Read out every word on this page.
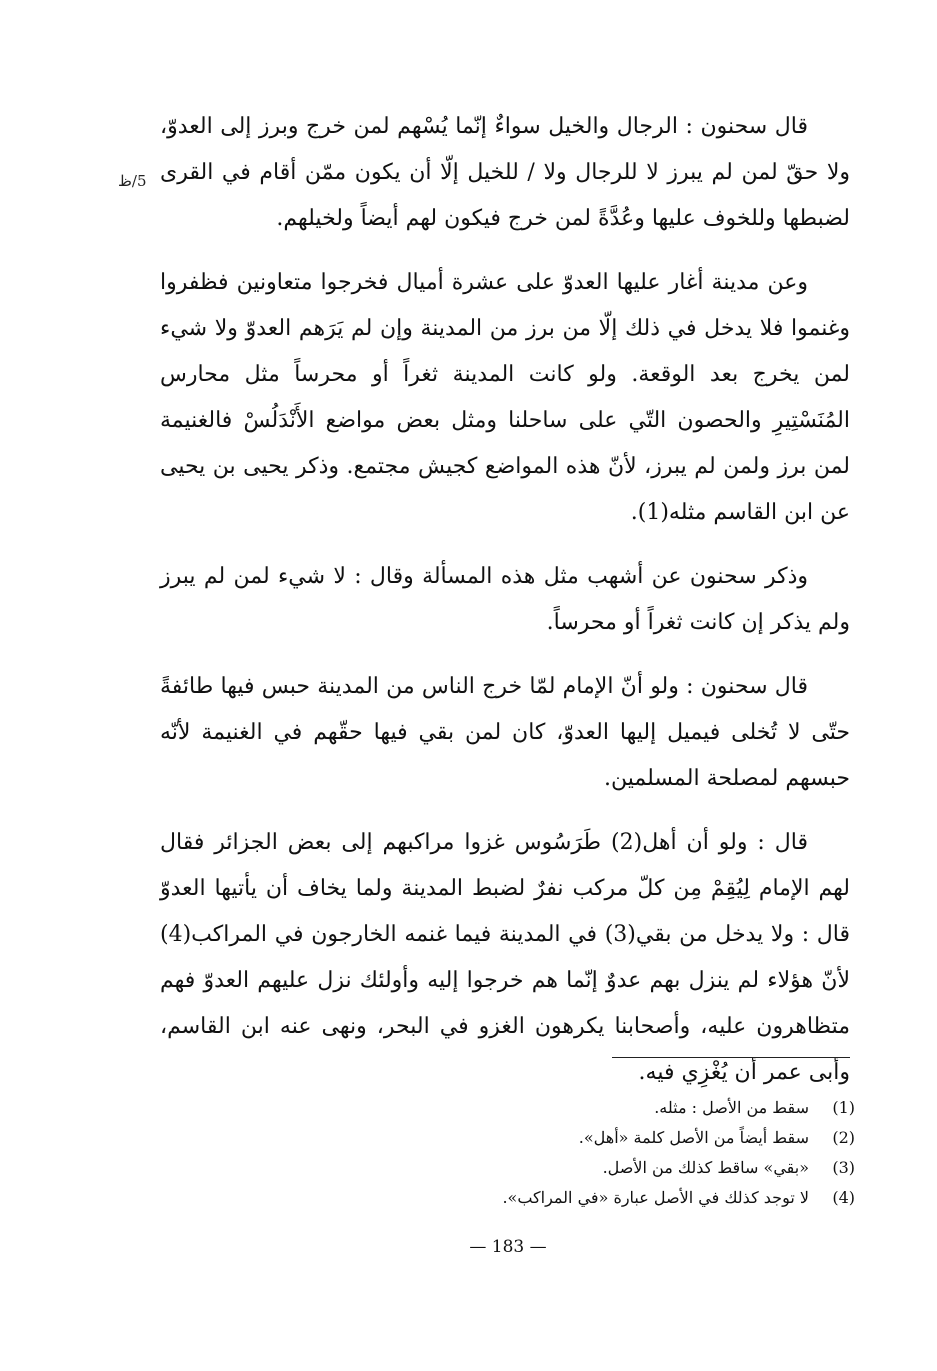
5/ظ

قال سحنون : الرجال والخيل سواءٌ إنّما يُسْهم لمن خرج وبرز إلى العدوّ، ولا حقّ لمن لم يبرز لا للرجال ولا / للخيل إلّا أن يكون ممّن أقام في القرى لضبطها وللخوف عليها وعُدَّةً لمن خرج فيكون لهم أيضاً ولخيلهم.

وعن مدينة أغار عليها العدوّ على عشرة أميال فخرجوا متعاونين فظفروا وغنموا فلا يدخل في ذلك إلّا من برز من المدينة وإن لم يَرَهم العدوّ ولا شيء لمن يخرج بعد الوقعة. ولو كانت المدينة ثغراً أو محرساً مثل محارس المُنَسْتِيرِ والحصون التّي على ساحلنا ومثل بعض مواضع الأَنْدَلُسْ فالغنيمة لمن برز ولمن لم يبرز، لأنّ هذه المواضع كجيش مجتمع. وذكر يحيى بن يحيى عن ابن القاسم مثله(1).

وذكر سحنون عن أشهب مثل هذه المسألة وقال : لا شيء لمن لم يبرز ولم يذكر إن كانت ثغراً أو محرساً.

قال سحنون : ولو أنّ الإمام لمّا خرج الناس من المدينة حبس فيها طائفةً حتّى لا تُخلى فيميل إليها العدوّ، كان لمن بقي فيها حقّهم في الغنيمة لأنّه حبسهم لمصلحة المسلمين.

قال : ولو أن أهل(2) طَرَسُوس غزوا مراكبهم إلى بعض الجزائر فقال لهم الإمام لِيُقِمْ مِن كلّ مركب نفرٌ لضبط المدينة ولما يخاف أن يأتيها العدوّ قال : ولا يدخل من بقي(3) في المدينة فيما غنمه الخارجون في المراكب(4) لأنّ هؤلاء لم ينزل بهم عدوٌ إنّما هم خرجوا إليه وأولئك نزل عليهم العدوّ فهم متظاهرون عليه، وأصحابنا يكرهون الغزو في البحر، ونهى عنه ابن القاسم، وأبى عمر أن يُغْزِي فيه.

(1)
سقط من الأصل : مثله.
(2)
سقط أيضاً من الأصل كلمة «أهل».
(3)
«بقي» ساقط كذلك من الأصل.
(4)
لا توجد كذلك في الأصل عبارة «في المراكب».
— 183 —
